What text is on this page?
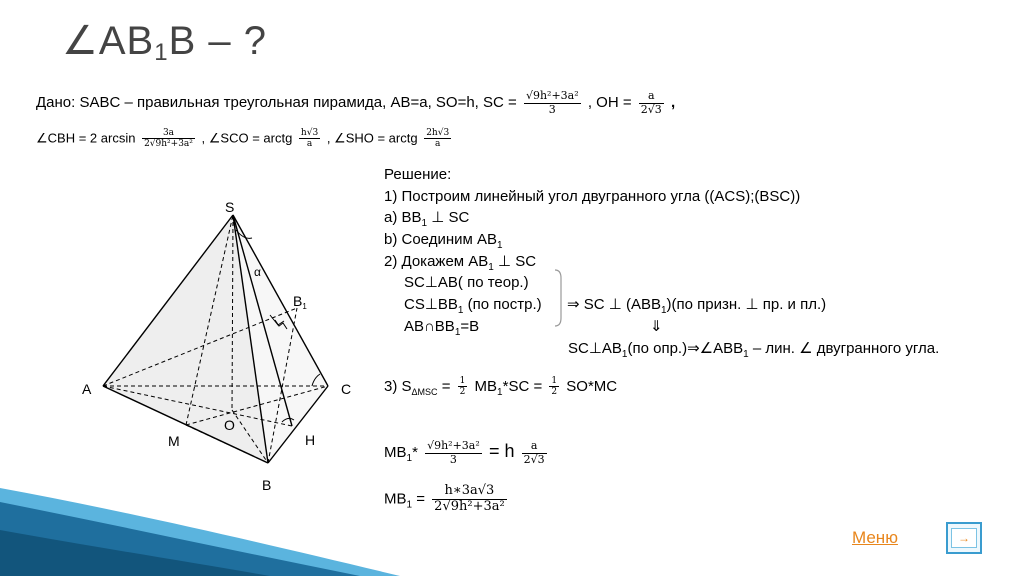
$\angle AB_1B$ – ?
Дано: SABC – правильная треугольная пирамида, AB=a, SO=h, SC = $\frac{\text{√9h²+3a²}}{3}$ , OH = $\frac{a}{2√3}$ ,
∠CBH = 2 $\arcsin \frac{3a}{\text{2√9h²+3a²}}$ , ∠SCO = arctg $\frac{h√3}{a}$ , ∠SHO = arctg $\frac{2h√3}{a}$
S
A	C
B
M
O
H
$B_1$
α
Решение:
1) Построим линейный угол двугранного угла ((ACS);(BSC))
а) $BB_1$ ⊥ SC
b) Соединим $AB_1$
2) Докажем $AB_1$ ⊥ SC
SC⊥AB( по теор.)
$CS\perp BB_1$ (по постр.) ⇒ SC ⊥ $(ABB_1)(по$ призн. ⊥ пр. и пл.)
$AB\cap BB_1=B$	⇓
$SC\perp AB_1(по$ $опр.)\Rightarrow\angle ABB_1$ – лин. ∠ двугранного угла.
3) $S_{\Delta MSC} = \frac{1}{2} MB_1*SC = \frac{1}{2} SO*MC$
$MB_1* \frac{\text{√9h²+3a²}}{3} = h \frac{a}{2√3}$
$MB_1 = \frac{h∗3a√3}{\text{2√9h²+3a²}}$
Меню	→
